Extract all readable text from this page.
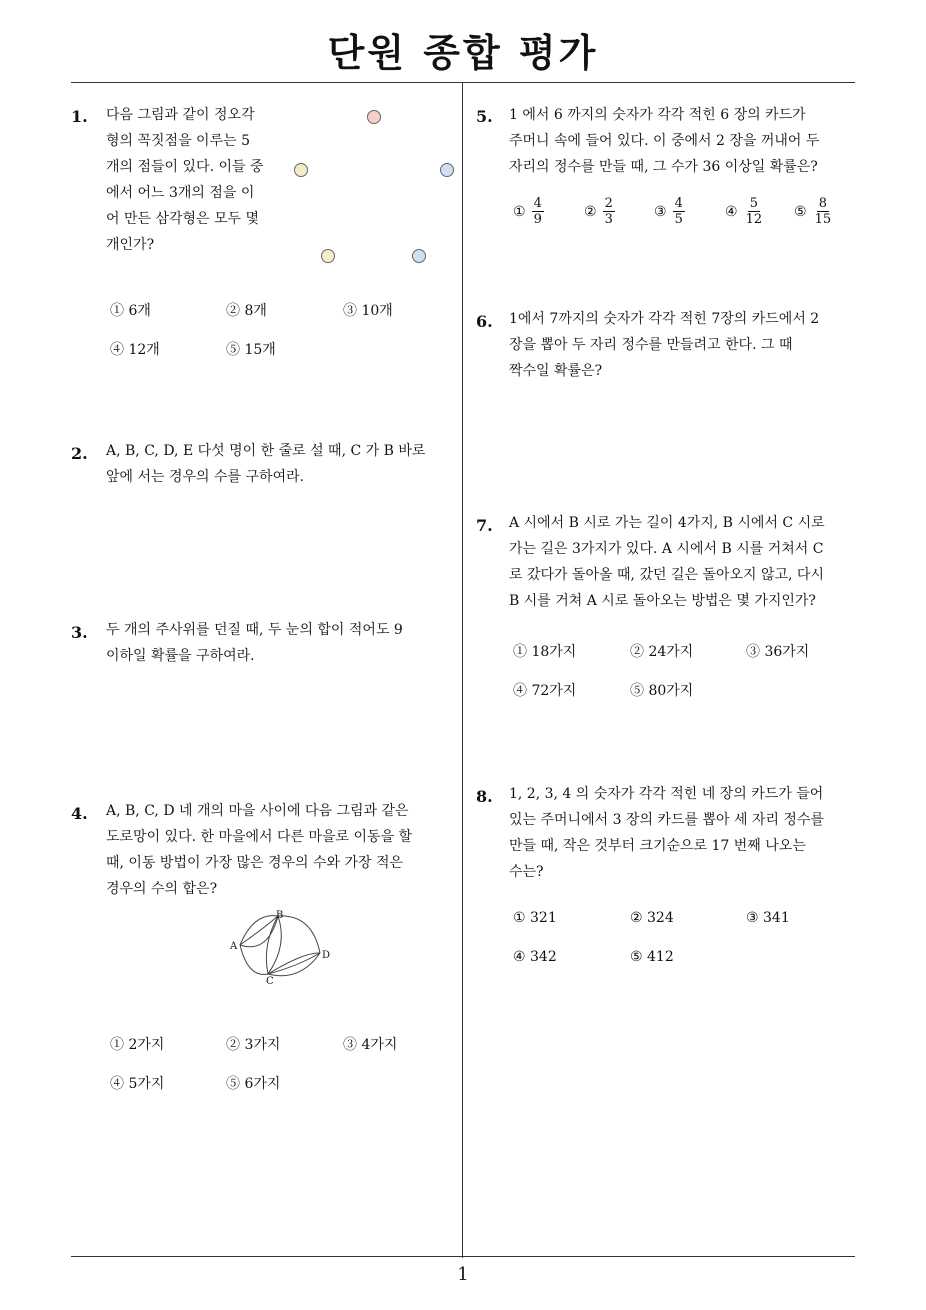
단원 종합 평가
1. 다음 그림과 같이 정오각
형의 꼭짓점을 이루는 5
개의 점들이 있다. 이들 중
에서 어느 3개의 점을 이
어 만든 삼각형은 모두 몇
개인가?
① 6개	② 8개	③ 10개
④ 12개	⑤ 15개
2. A, B, C, D, E 다섯 명이 한 줄로 설 때, C 가 B 바로
앞에 서는 경우의 수를 구하여라.
3. 두 개의 주사위를 던질 때, 두 눈의 합이 적어도 9
이하일 확률을 구하여라.
4. A, B, C, D 네 개의 마을 사이에 다음 그림과 같은
도로망이 있다. 한 마을에서 다른 마을로 이동을 할
때, 이동 방법이 가장 많은 경우의 수와 가장 적은
경우의 수의 합은?
A
B
C
D
① 2가지	② 3가지	③ 4가지
④ 5가지	⑤ 6가지
5. 1 에서 6 까지의 숫자가 각각 적힌 6 장의 카드가
주머니 속에 들어 있다. 이 중에서 2 장을 꺼내어 두
자리의 정수를 만들 때, 그 수가 36 이상일 확률은?
① $\frac{4}{9}$	② $\frac{2}{3}$	③ $\frac{4}{5}$	④ $\frac{5}{12}$ ⑤ $\frac{8}{15}$
6. 1에서 7까지의 숫자가 각각 적힌 7장의 카드에서 2
장을 뽑아 두 자리 정수를 만들려고 한다. 그 때
짝수일 확률은?
7. A 시에서 B 시로 가는 길이 4가지, B 시에서 C 시로
가는 길은 3가지가 있다. A 시에서 B 시를 거쳐서 C
로 갔다가 돌아올 때, 갔던 길은 돌아오지 않고, 다시
B 시를 거쳐 A 시로 돌아오는 방법은 몇 가지인가?
① 18가지	② 24가지	③ 36가지
④ 72가지	⑤ 80가지
8. 1, 2, 3, 4 의 숫자가 각각 적힌 네 장의 카드가 들어
있는 주머니에서 3 장의 카드를 뽑아 세 자리 정수를
만들 때, 작은 것부터 크기순으로 17 번째 나오는
수는?
① 321	② 324	③ 341
④ 342	⑤ 412
1
